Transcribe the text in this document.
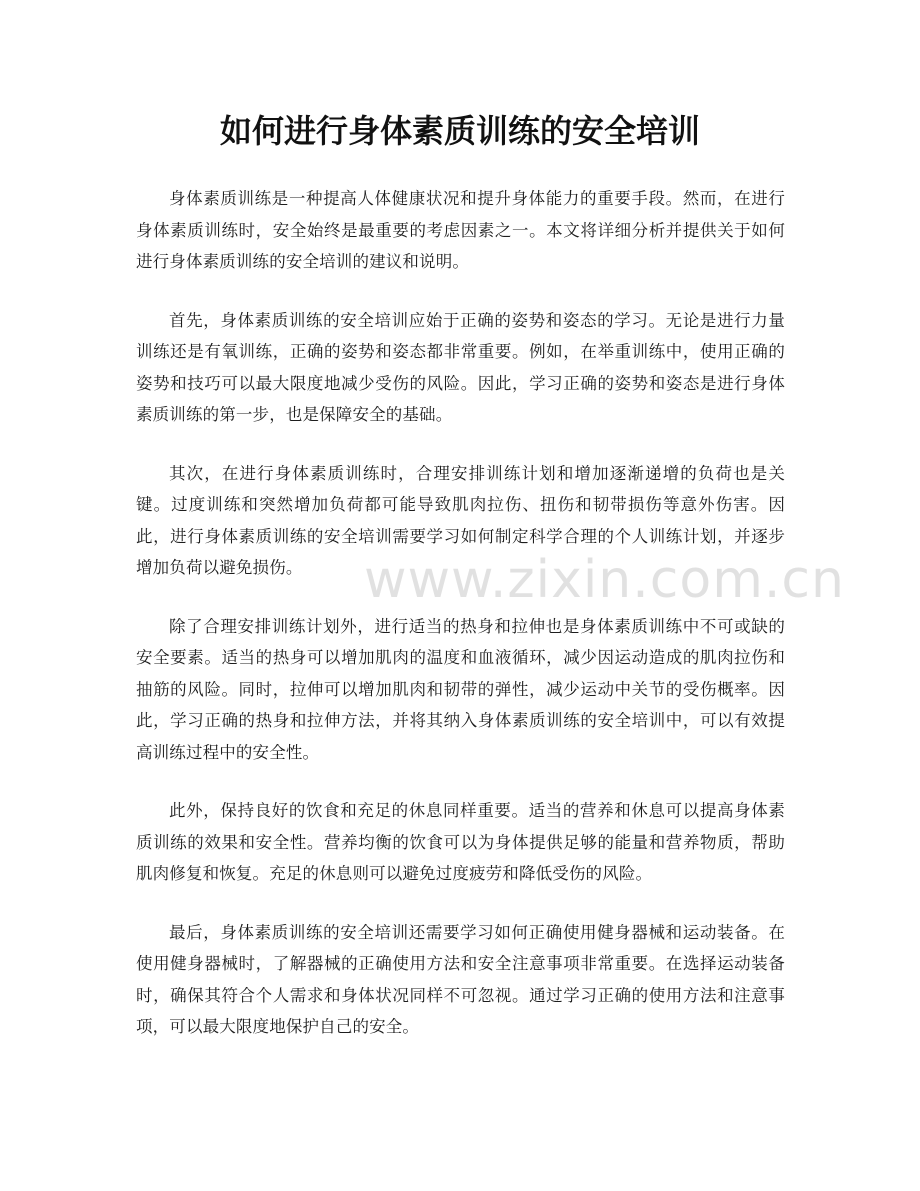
如何进行身体素质训练的安全培训

身体素质训练是一种提高人体健康状况和提升身体能力的重要手段。然而，在进行身体素质训练时，安全始终是最重要的考虑因素之一。本文将详细分析并提供关于如何进行身体素质训练的安全培训的建议和说明。

首先，身体素质训练的安全培训应始于正确的姿势和姿态的学习。无论是进行力量训练还是有氧训练，正确的姿势和姿态都非常重要。例如，在举重训练中，使用正确的姿势和技巧可以最大限度地减少受伤的风险。因此，学习正确的姿势和姿态是进行身体素质训练的第一步，也是保障安全的基础。

其次，在进行身体素质训练时，合理安排训练计划和增加逐渐递增的负荷也是关键。过度训练和突然增加负荷都可能导致肌肉拉伤、扭伤和韧带损伤等意外伤害。因此，进行身体素质训练的安全培训需要学习如何制定科学合理的个人训练计划，并逐步增加负荷以避免损伤。

除了合理安排训练计划外，进行适当的热身和拉伸也是身体素质训练中不可或缺的安全要素。适当的热身可以增加肌肉的温度和血液循环，减少因运动造成的肌肉拉伤和抽筋的风险。同时，拉伸可以增加肌肉和韧带的弹性，减少运动中关节的受伤概率。因此，学习正确的热身和拉伸方法，并将其纳入身体素质训练的安全培训中，可以有效提高训练过程中的安全性。

此外，保持良好的饮食和充足的休息同样重要。适当的营养和休息可以提高身体素质训练的效果和安全性。营养均衡的饮食可以为身体提供足够的能量和营养物质，帮助肌肉修复和恢复。充足的休息则可以避免过度疲劳和降低受伤的风险。

最后，身体素质训练的安全培训还需要学习如何正确使用健身器械和运动装备。在使用健身器械时，了解器械的正确使用方法和安全注意事项非常重要。在选择运动装备时，确保其符合个人需求和身体状况同样不可忽视。通过学习正确的使用方法和注意事项，可以最大限度地保护自己的安全。

www.zixin.com.cn
